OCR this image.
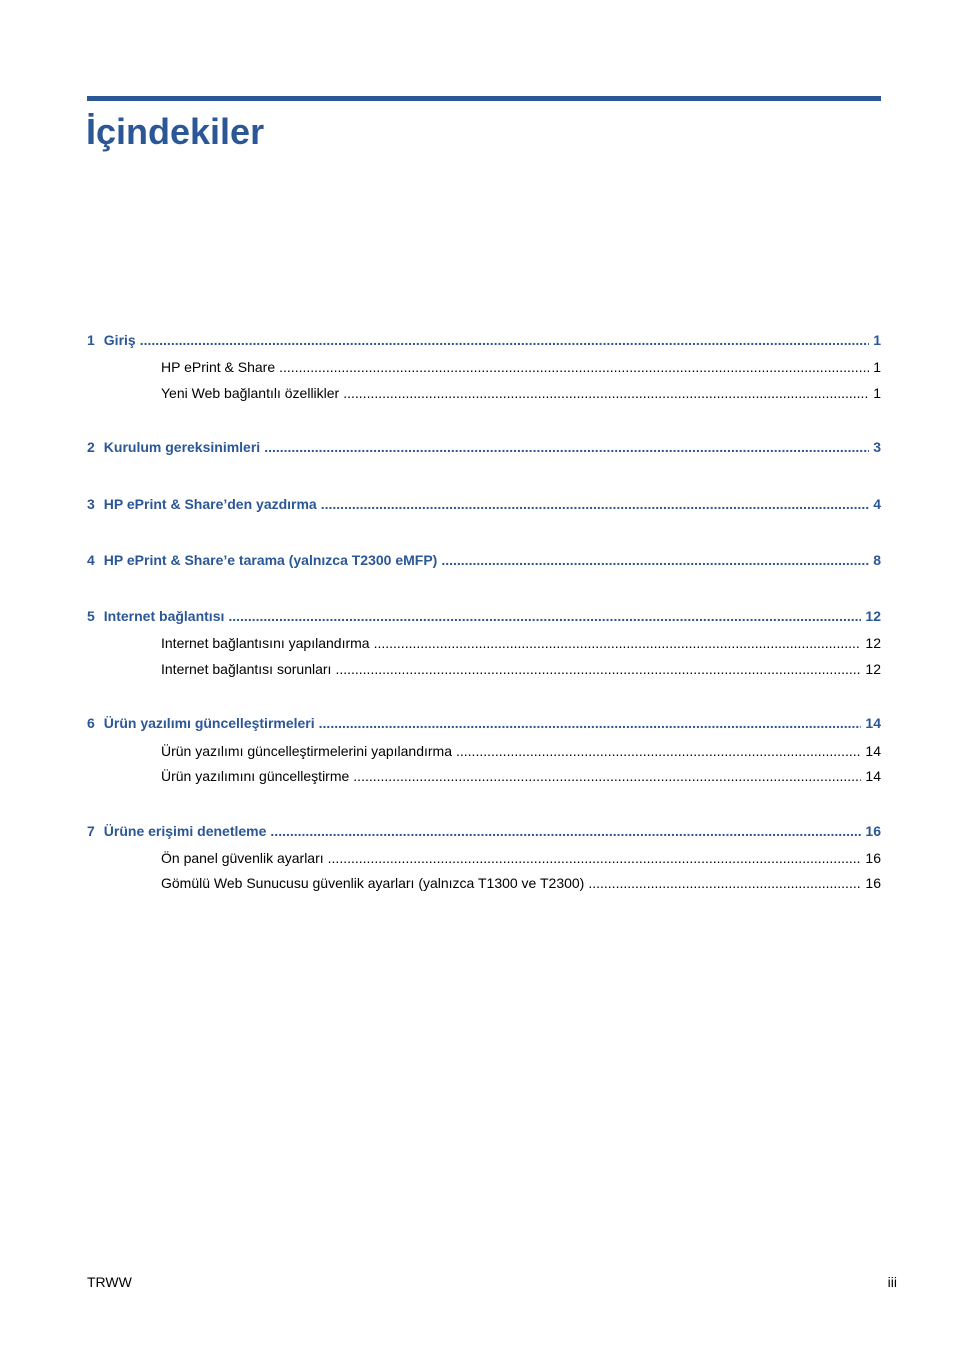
İçindekiler
1 Giriş .....	1
HP ePrint & Share .....	1
Yeni Web bağlantılı özellikler .....	1
2 Kurulum gereksinimleri .....	3
3 HP ePrint & Share’den yazdırma .....	4
4 HP ePrint & Share’e tarama (yalnızca T2300 eMFP) .....	8
5 Internet bağlantısı .....	12
Internet bağlantısını yapılandırma .....	12
Internet bağlantısı sorunları .....	12
6 Ürün yazılımı güncelleştirmeleri .....	14
Ürün yazılımı güncelleştirmelerini yapılandırma .....	14
Ürün yazılımını güncelleştirme .....	14
7 Ürüne erişimi denetleme .....	16
Ön panel güvenlik ayarları .....	16
Gömülü Web Sunucusu güvenlik ayarları (yalnızca T1300 ve T2300) .....	16
TRWW	iii
